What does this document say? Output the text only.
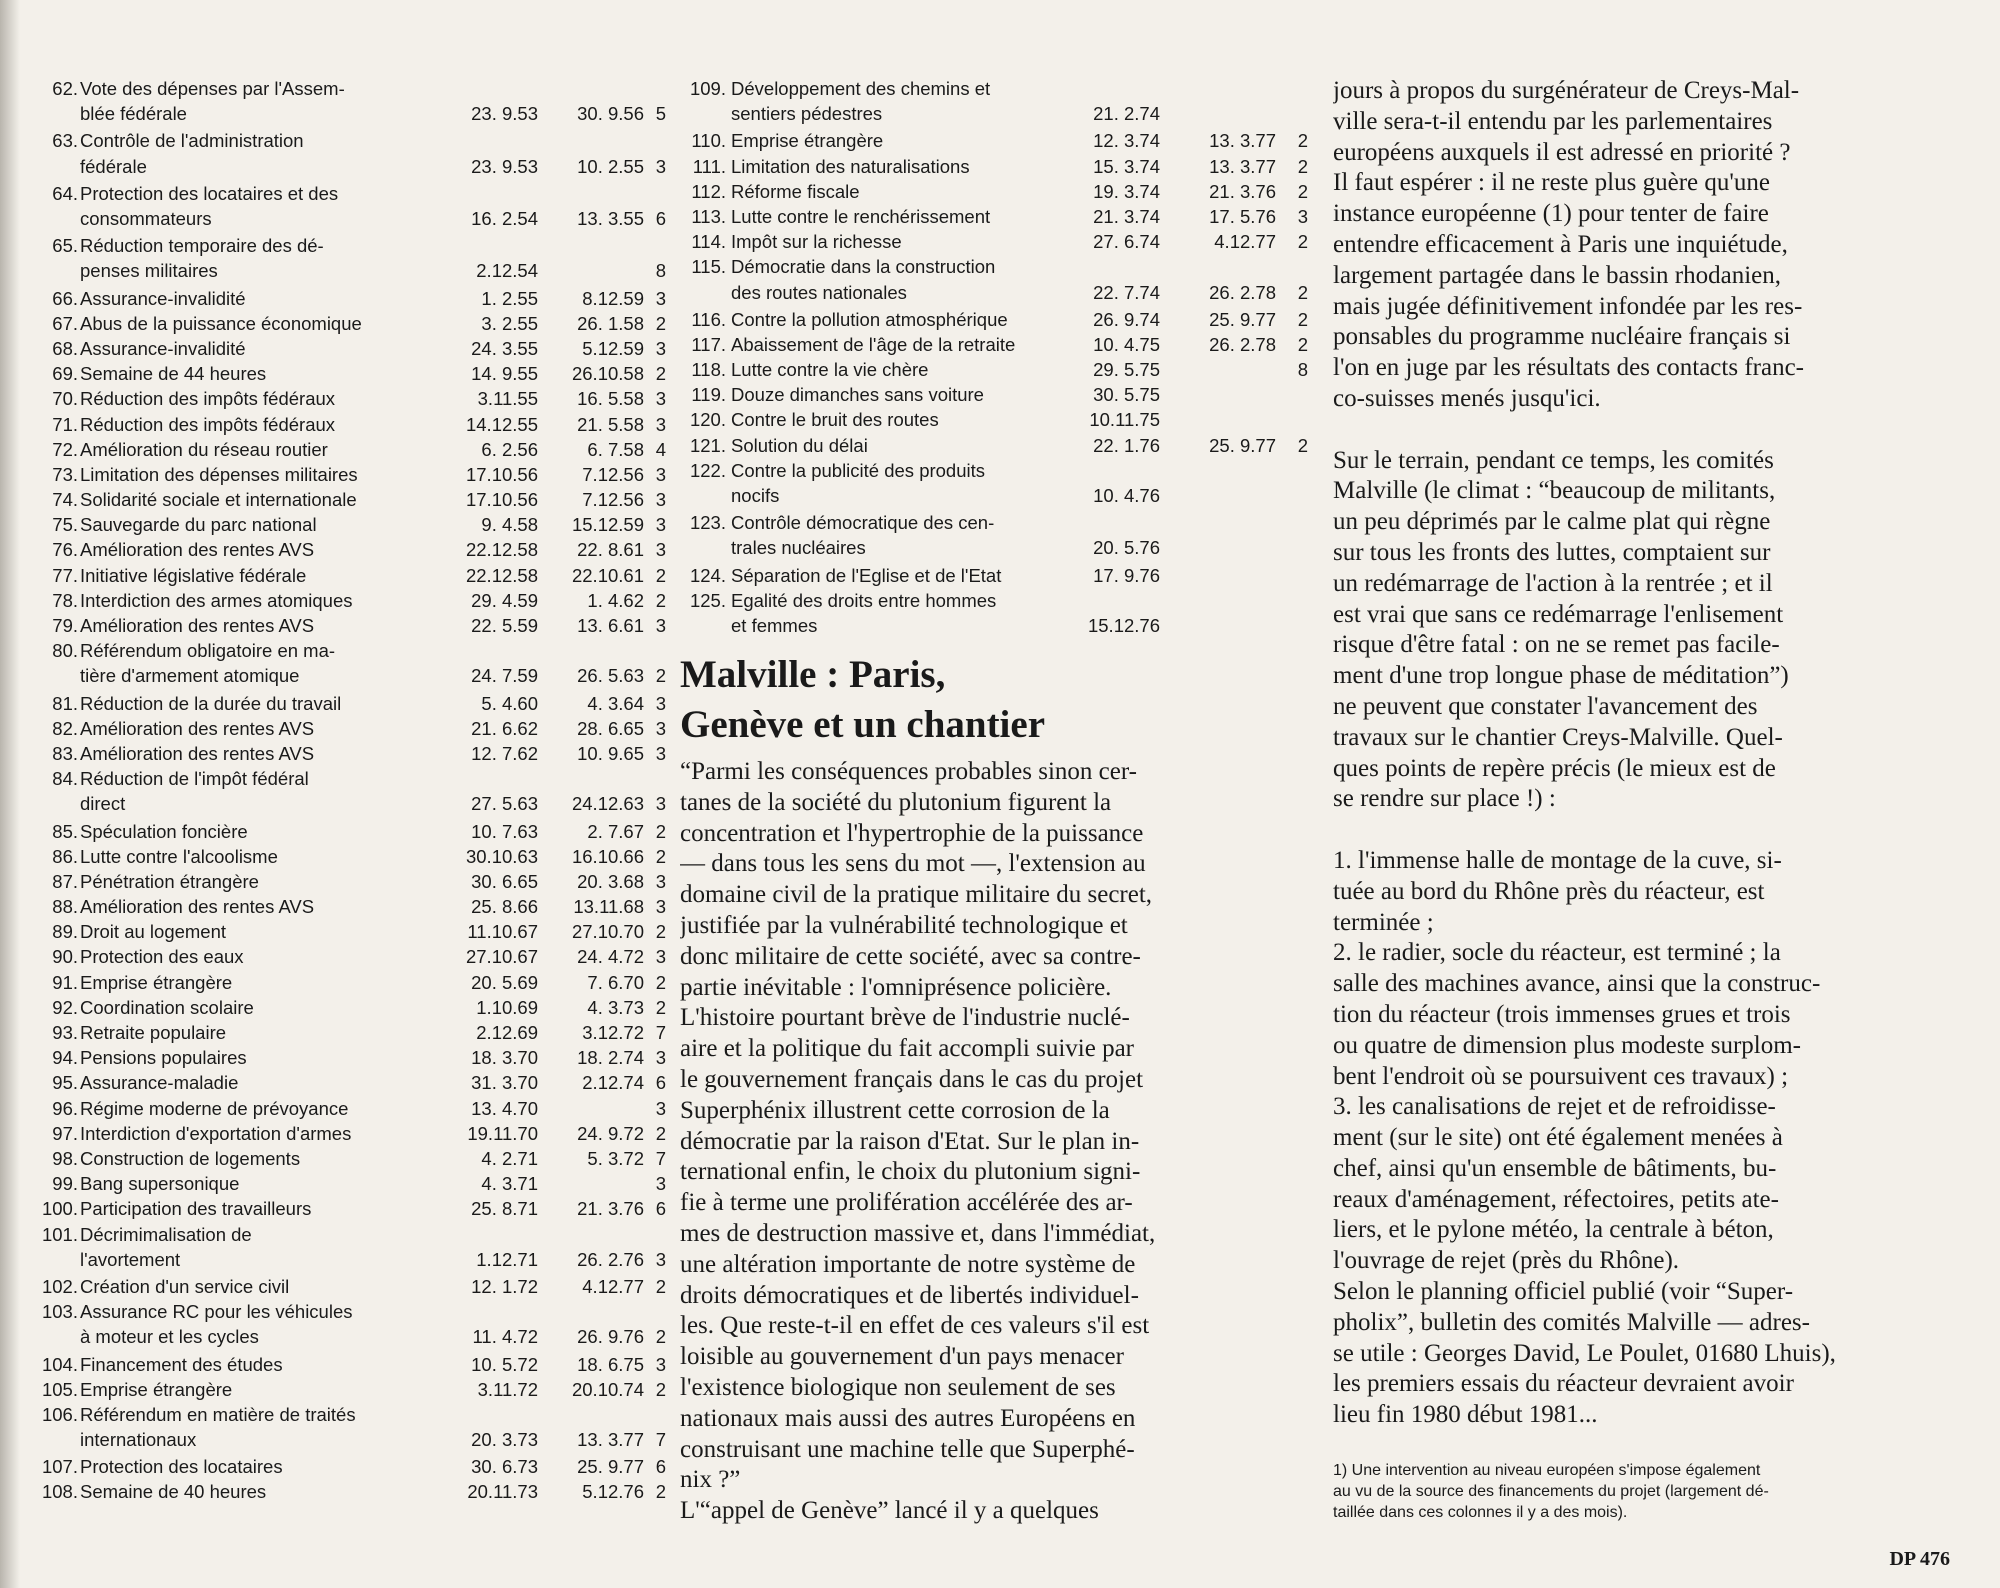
62. Vote des dépenses par l'Assem-
blée fédérale	23. 9.53	30. 9.56 5
63. Contrôle de l'administration
fédérale	23. 9.53	10. 2.55 3
64. Protection des locataires et des
consommateurs	16. 2.54	13. 3.55 6
65. Réduction temporaire des dé-
penses militaires	2.12.54	8
66. Assurance-invalidité	1. 2.55	8.12.59 3
67. Abus de la puissance économique	3. 2.55	26. 1.58 2
68. Assurance-invalidité	24. 3.55	5.12.59 3
69. Semaine de 44 heures	14. 9.55	26.10.58 2
70. Réduction des impôts fédéraux	3.11.55	16. 5.58 3
71. Réduction des impôts fédéraux	14.12.55	21. 5.58 3
72. Amélioration du réseau routier	6. 2.56	6. 7.58 4
73. Limitation des dépenses militaires	17.10.56	7.12.56 3
74. Solidarité sociale et internationale	17.10.56	7.12.56 3
75. Sauvegarde du parc national	9. 4.58	15.12.59 3
76. Amélioration des rentes AVS	22.12.58	22. 8.61 3
77. Initiative législative fédérale	22.12.58	22.10.61 2
78. Interdiction des armes atomiques	29. 4.59	1. 4.62 2
79. Amélioration des rentes AVS	22. 5.59	13. 6.61 3
80. Référendum obligatoire en ma-
tière d'armement atomique	24. 7.59	26. 5.63 2
81. Réduction de la durée du travail	5. 4.60	4. 3.64 3
82. Amélioration des rentes AVS	21. 6.62	28. 6.65 3
83. Amélioration des rentes AVS	12. 7.62	10. 9.65 3
84. Réduction de l'impôt fédéral
direct	27. 5.63	24.12.63 3
85. Spéculation foncière	10. 7.63	2. 7.67 2
86. Lutte contre l'alcoolisme	30.10.63	16.10.66 2
87. Pénétration étrangère	30. 6.65	20. 3.68 3
88. Amélioration des rentes AVS	25. 8.66	13.11.68 3
89. Droit au logement	11.10.67	27.10.70 2
90. Protection des eaux	27.10.67	24. 4.72 3
91. Emprise étrangère	20. 5.69	7. 6.70 2
92. Coordination scolaire	1.10.69	4. 3.73 2
93. Retraite populaire	2.12.69	3.12.72 7
94. Pensions populaires	18. 3.70	18. 2.74 3
95. Assurance-maladie	31. 3.70	2.12.74 6
96. Régime moderne de prévoyance	13. 4.70	3
97. Interdiction d'exportation d'armes	19.11.70	24. 9.72 2
98. Construction de logements	4. 2.71	5. 3.72 7
99. Bang supersonique	4. 3.71	3
100. Participation des travailleurs	25. 8.71	21. 3.76 6
101. Décrimimalisation de
l'avortement	1.12.71	26. 2.76 3
102. Création d'un service civil	12. 1.72	4.12.77 2
103. Assurance RC pour les véhicules
à moteur et les cycles	11. 4.72	26. 9.76 2
104. Financement des études	10. 5.72	18. 6.75 3
105. Emprise étrangère	3.11.72	20.10.74 2
106. Référendum en matière de traités
internationaux	20. 3.73	13. 3.77 7
107. Protection des locataires	30. 6.73	25. 9.77 6
108. Semaine de 40 heures	20.11.73	5.12.76 2
109. Développement des chemins et
sentiers pédestres	21. 2.74
110. Emprise étrangère	12. 3.74	13. 3.77	2
111. Limitation des naturalisations	15. 3.74	13. 3.77	2
112. Réforme fiscale	19. 3.74	21. 3.76	2
113. Lutte contre le renchérissement	21. 3.74	17. 5.76	3
114. Impôt sur la richesse	27. 6.74	4.12.77	2
115. Démocratie dans la construction
des routes nationales	22. 7.74	26. 2.78	2
116. Contre la pollution atmosphérique	26. 9.74	25. 9.77	2
117. Abaissement de l'âge de la retraite	10. 4.75	26. 2.78	2
118. Lutte contre la vie chère	29. 5.75	8
119. Douze dimanches sans voiture	30. 5.75
120. Contre le bruit des routes	10.11.75
121. Solution du délai	22. 1.76	25. 9.77	2
122. Contre la publicité des produits
nocifs	10. 4.76
123. Contrôle démocratique des cen-
trales nucléaires	20. 5.76
124. Séparation de l'Eglise et de l'Etat	17. 9.76
125. Egalité des droits entre hommes
et femmes	15.12.76
Malville : Paris,
Genève et un chantier
“Parmi les conséquences probables sinon cer-
tanes de la société du plutonium figurent la
concentration et l'hypertrophie de la puissance
— dans tous les sens du mot —, l'extension au
domaine civil de la pratique militaire du secret,
justifiée par la vulnérabilité technologique et
donc militaire de cette société, avec sa contre-
partie inévitable : l'omniprésence policière.
L'histoire pourtant brève de l'industrie nuclé-
aire et la politique du fait accompli suivie par
le gouvernement français dans le cas du projet
Superphénix illustrent cette corrosion de la
démocratie par la raison d'Etat. Sur le plan in-
ternational enfin, le choix du plutonium signi-
fie à terme une prolifération accélérée des ar-
mes de destruction massive et, dans l'immédiat,
une altération importante de notre système de
droits démocratiques et de libertés individuel-
les. Que reste-t-il en effet de ces valeurs s'il est
loisible au gouvernement d'un pays menacer
l'existence biologique non seulement de ses
nationaux mais aussi des autres Européens en
construisant une machine telle que Superphé-
nix ?”
L'“appel de Genève” lancé il y a quelques
jours à propos du surgénérateur de Creys-Mal-
ville sera-t-il entendu par les parlementaires
européens auxquels il est adressé en priorité ?
Il faut espérer : il ne reste plus guère qu'une
instance européenne (1) pour tenter de faire
entendre efficacement à Paris une inquiétude,
largement partagée dans le bassin rhodanien,
mais jugée définitivement infondée par les res-
ponsables du programme nucléaire français si
l'on en juge par les résultats des contacts franc-
co-suisses menés jusqu'ici.
Sur le terrain, pendant ce temps, les comités
Malville (le climat : “beaucoup de militants,
un peu déprimés par le calme plat qui règne
sur tous les fronts des luttes, comptaient sur
un redémarrage de l'action à la rentrée ; et il
est vrai que sans ce redémarrage l'enlisement
risque d'être fatal : on ne se remet pas facile-
ment d'une trop longue phase de méditation”)
ne peuvent que constater l'avancement des
travaux sur le chantier Creys-Malville. Quel-
ques points de repère précis (le mieux est de
se rendre sur place !) :
1. l'immense halle de montage de la cuve, si-
tuée au bord du Rhône près du réacteur, est
terminée ;
2. le radier, socle du réacteur, est terminé ; la
salle des machines avance, ainsi que la construc-
tion du réacteur (trois immenses grues et trois
ou quatre de dimension plus modeste surplom-
bent l'endroit où se poursuivent ces travaux) ;
3. les canalisations de rejet et de refroidisse-
ment (sur le site) ont été également menées à
chef, ainsi qu'un ensemble de bâtiments, bu-
reaux d'aménagement, réfectoires, petits ate-
liers, et le pylone météo, la centrale à béton,
l'ouvrage de rejet (près du Rhône).
Selon le planning officiel publié (voir “Super-
pholix”, bulletin des comités Malville — adres-
se utile : Georges David, Le Poulet, 01680 Lhuis),
les premiers essais du réacteur devraient avoir
lieu fin 1980 début 1981...
1) Une intervention au niveau européen s'impose également
au vu de la source des financements du projet (largement dé-
taillée dans ces colonnes il y a des mois).
DP 476
